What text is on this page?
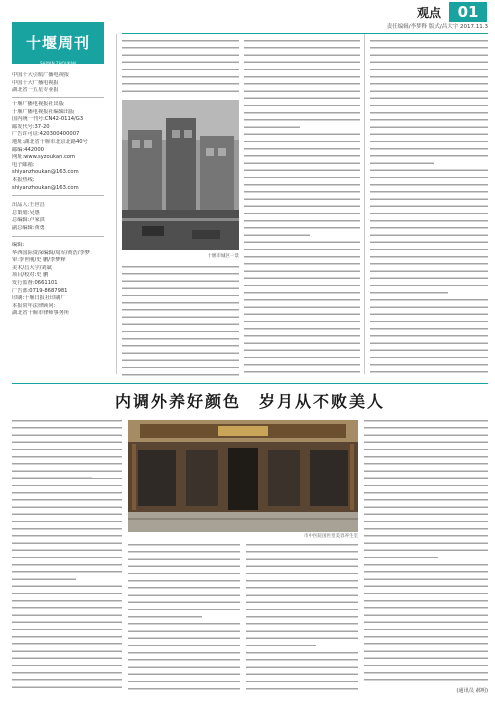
观点	01
责任编辑/李梦释 版式/昌大宇 2017.11.3
十堰周刊
SHIYAN ZHOUKAN
中国十大引航广播电视报
中国十大广播电视报
湖北省一五星专业报
十堰广播电视报社出版
十堰广播电视报社编辑出版
国内统一刊号:CN42-0114/G3
邮发代号:37-20
广告许可证:420300400007
地址:湖北省十堰市北京北路40号
邮编:442000
网址:www.syzoukan.com
电子邮箱:
shiyanzhoukan@163.com
本报热线:
shiyanzhoukan@163.com
出品人:王世昌
总策划:吴惠
总编辑:卢家淇
副总编辑:黄勇
编辑:
华西国际资深编辑/周军/黄浩/李梦
审:李世刚/史 鹏/李梦释
美术/昌大宇/刘斌
项目/校对:史 鹏
发行监督:0661101
广告部:0719-8687981
印刷:十堰日报社印刷厂
本报常年法律顾问:
湖北省十堰市律师事务所
十堰市城区一景
内调外养好颜色　岁月从不败美人
市中医院国医堂美容养生室
(通讯员 郝明)
